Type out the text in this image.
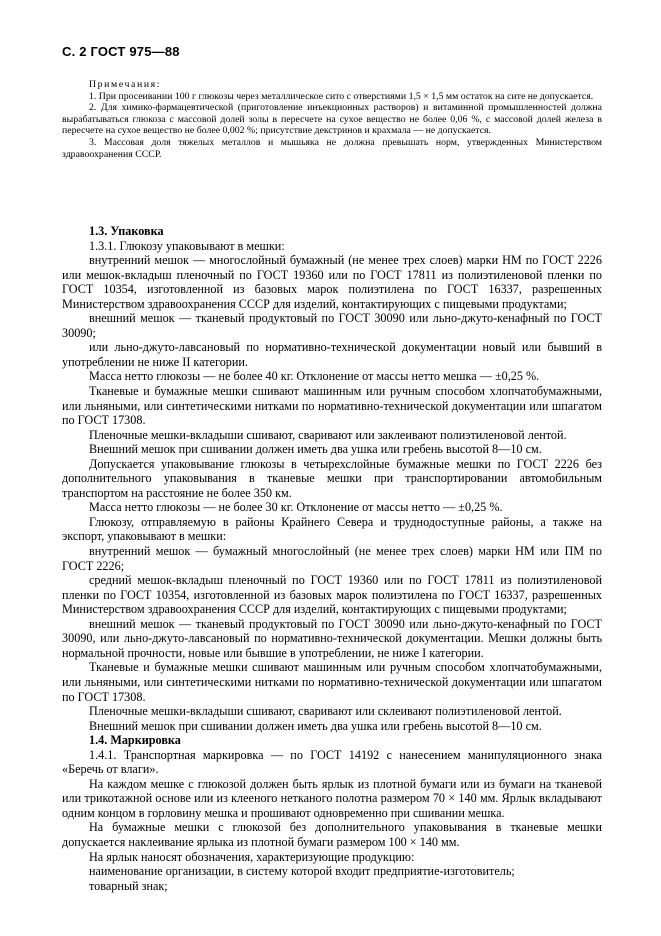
С. 2 ГОСТ 975—88

Примечания:

1. При просеивании 100 г глюкозы через металлическое сито с отверстиями 1,5 × 1,5 мм остаток на сите не допускается.

2. Для химико-фармацевтической (приготовление инъекционных растворов) и витаминной промышленностей должна вырабатываться глюкоза с массовой долей золы в пересчете на сухое вещество не более 0,06 %, с массовой долей железа в пересчете на сухое вещество не более 0,002 %; присутствие декстринов и крахмала — не допускается.

3. Массовая доля тяжелых металлов и мышьяка не должна превышать норм, утвержденных Министерством здравоохранения СССР.

1.3. Упаковка

1.3.1. Глюкозу упаковывают в мешки:

внутренний мешок — многослойный бумажный (не менее трех слоев) марки НМ по ГОСТ 2226 или мешок-вкладыш пленочный по ГОСТ 19360 или по ГОСТ 17811 из полиэтиленовой пленки по ГОСТ 10354, изготовленной из базовых марок полиэтилена по ГОСТ 16337, разрешенных Министерством здравоохранения СССР для изделий, контактирующих с пищевыми продуктами;

внешний мешок — тканевый продуктовый по ГОСТ 30090 или льно-джуто-кенафный по ГОСТ 30090;

или льно-джуто-лавсановый по нормативно-технической документации новый или бывший в употреблении не ниже II категории.

Масса нетто глюкозы — не более 40 кг. Отклонение от массы нетто мешка — ±0,25 %.

Тканевые и бумажные мешки сшивают машинным или ручным способом хлопчатобумажными, или льняными, или синтетическими нитками по нормативно-технической документации или шпагатом по ГОСТ 17308.

Пленочные мешки-вкладыши сшивают, сваривают или заклеивают полиэтиленовой лентой.

Внешний мешок при сшивании должен иметь два ушка или гребень высотой 8—10 см.

Допускается упаковывание глюкозы в четырехслойные бумажные мешки по ГОСТ 2226 без дополнительного упаковывания в тканевые мешки при транспортировании автомобильным транспортом на расстояние не более 350 км.

Масса нетто глюкозы — не более 30 кг. Отклонение от массы нетто — ±0,25 %.

Глюкозу, отправляемую в районы Крайнего Севера и труднодоступные районы, а также на экспорт, упаковывают в мешки:

внутренний мешок — бумажный многослойный (не менее трех слоев) марки НМ или ПМ по ГОСТ 2226;

средний мешок-вкладыш пленочный по ГОСТ 19360 или по ГОСТ 17811 из полиэтиленовой пленки по ГОСТ 10354, изготовленной из базовых марок полиэтилена по ГОСТ 16337, разрешенных Министерством здравоохранения СССР для изделий, контактирующих с пищевыми продуктами;

внешний мешок — тканевый продуктовый по ГОСТ 30090 или льно-джуто-кенафный по ГОСТ 30090, или льно-джуто-лавсановый по нормативно-технической документации. Мешки должны быть нормальной прочности, новые или бывшие в употреблении, не ниже I категории.

Тканевые и бумажные мешки сшивают машинным или ручным способом хлопчатобумажными, или льняными, или синтетическими нитками по нормативно-технической документации или шпагатом по ГОСТ 17308.

Пленочные мешки-вкладыши сшивают, сваривают или склеивают полиэтиленовой лентой.

Внешний мешок при сшивании должен иметь два ушка или гребень высотой 8—10 см.

1.4. Маркировка

1.4.1. Транспортная маркировка — по ГОСТ 14192 с нанесением манипуляционного знака «Беречь от влаги».

На каждом мешке с глюкозой должен быть ярлык из плотной бумаги или из бумаги на тканевой или трикотажной основе или из клееного нетканого полотна размером 70 × 140 мм. Ярлык вкладывают одним концом в горловину мешка и прошивают одновременно при сшивании мешка.

На бумажные мешки с глюкозой без дополнительного упаковывания в тканевые мешки допускается наклеивание ярлыка из плотной бумаги размером 100 × 140 мм.

На ярлык наносят обозначения, характеризующие продукцию:

наименование организации, в систему которой входит предприятие-изготовитель;

товарный знак;
